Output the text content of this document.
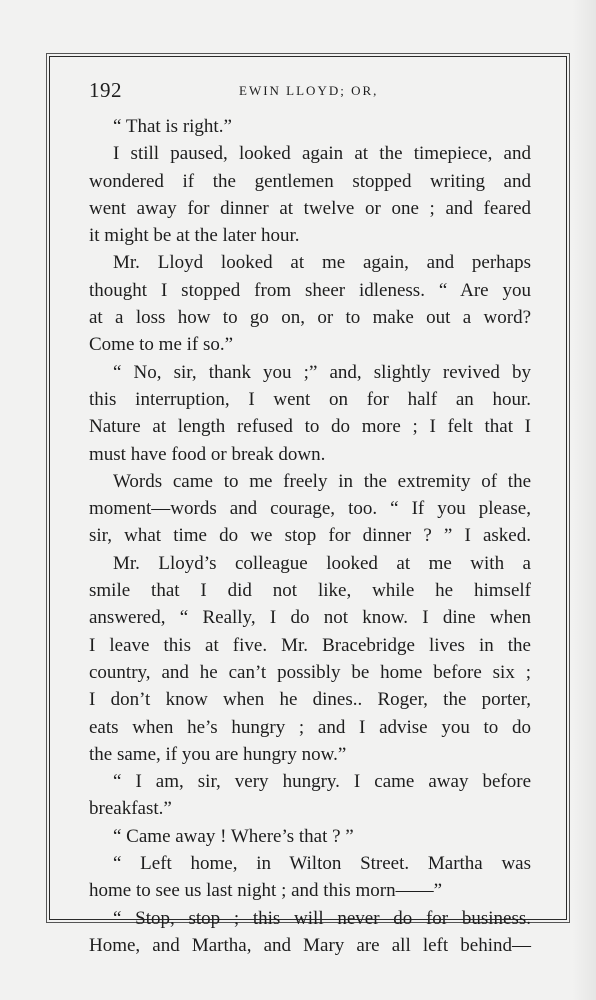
192	EWIN LLOYD; OR,
“ That is right.”
I still paused, looked again at the timepiece, and
wondered if the gentlemen stopped writing and
went away for dinner at twelve or one ; and feared
it might be at the later hour.
Mr. Lloyd looked at me again, and perhaps
thought I stopped from sheer idleness. “ Are you
at a loss how to go on, or to make out a word?
Come to me if so.”
“ No, sir, thank you ;” and, slightly revived by
this interruption, I went on for half an hour.
Nature at length refused to do more ; I felt that I
must have food or break down.
Words came to me freely in the extremity of the
moment—words and courage, too. “ If you please,
sir, what time do we stop for dinner ? ” I asked.
Mr. Lloyd’s colleague looked at me with a
smile that I did not like, while he himself
answered, “ Really, I do not know. I dine when
I leave this at five. Mr. Bracebridge lives in the
country, and he can’t possibly be home before six ;
I don’t know when he dines.. Roger, the porter,
eats when he’s hungry ; and I advise you to do
the same, if you are hungry now.”
“ I am, sir, very hungry. I came away before
breakfast.”
“ Came away ! Where’s that ? ”
“ Left home, in Wilton Street. Martha was
home to see us last night ; and this morn——”
“ Stop, stop ; this will never do for business.
Home, and Martha, and Mary are all left behind—
